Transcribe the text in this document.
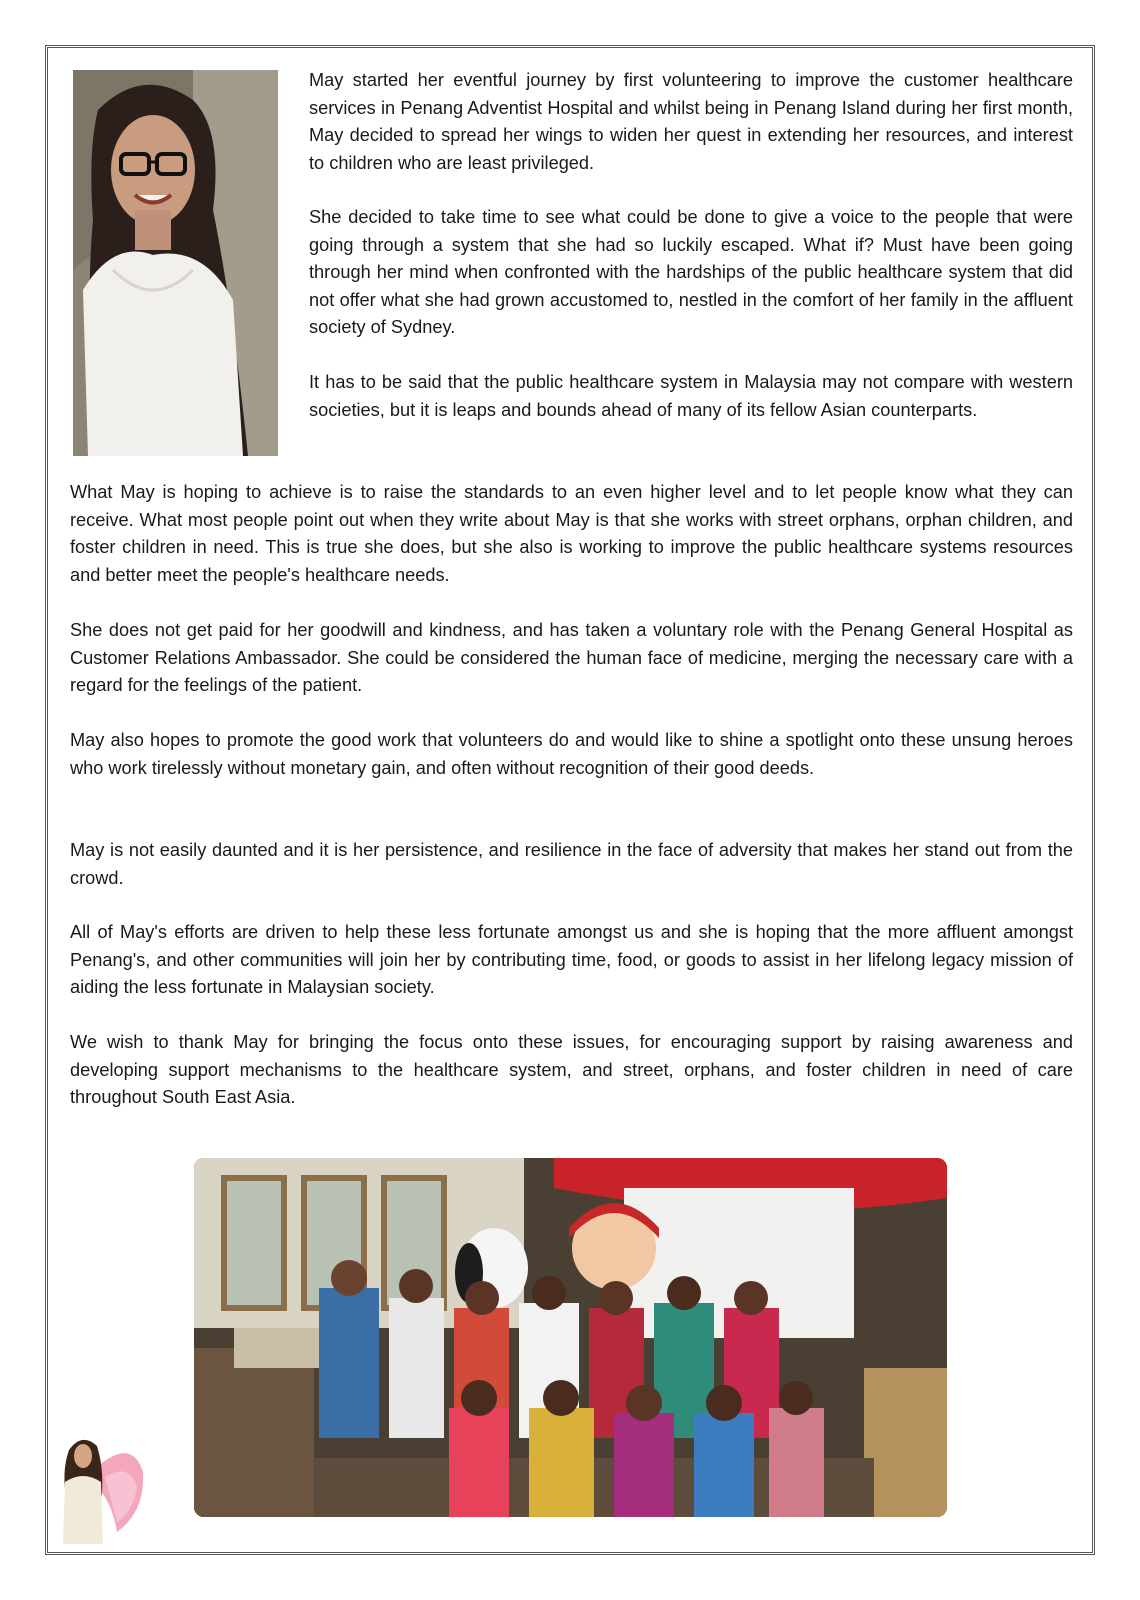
May started her eventful journey by first volunteering to improve the customer healthcare services in Penang Adventist Hospital and whilst being in Penang Island during her first month, May decided to spread her wings to widen her quest in extending her resources, and interest to children who are least privileged.

She decided to take time to see what could be done to give a voice to the people that were going through a system that she had so luckily escaped. What if? Must have been going through her mind when confronted with the hardships of the public healthcare system that did not offer what she had grown accustomed to, nestled in the comfort of her family in the affluent society of Sydney.

It has to be said that the public healthcare system in Malaysia may not compare with western societies, but it is leaps and bounds ahead of many of its fellow Asian counterparts.

What May is hoping to achieve is to raise the standards to an even higher level and to let people know what they can receive. What most people point out when they write about May is that she works with street orphans, orphan children, and foster children in need. This is true she does, but she also is working to improve the public healthcare systems resources and better meet the people's healthcare needs.

She does not get paid for her goodwill and kindness, and has taken a voluntary role with the Penang General Hospital as Customer Relations Ambassador. She could be considered the human face of medicine, merging the necessary care with a regard for the feelings of the patient.

May also hopes to promote the good work that volunteers do and would like to shine a spotlight onto these unsung heroes who work tirelessly without monetary gain, and often without recognition of their good deeds.

May is not easily daunted and it is her persistence, and resilience in the face of adversity that makes her stand out from the crowd.

All of May's efforts are driven to help these less fortunate amongst us and she is hoping that the more affluent amongst Penang's, and other communities will join her by contributing time, food, or goods to assist in her lifelong legacy mission of aiding the less fortunate in Malaysian society.

We wish to thank May for bringing the focus onto these issues, for encouraging support by raising awareness and developing support mechanisms to the healthcare system, and street, orphans, and foster children in need of care throughout South East Asia.
